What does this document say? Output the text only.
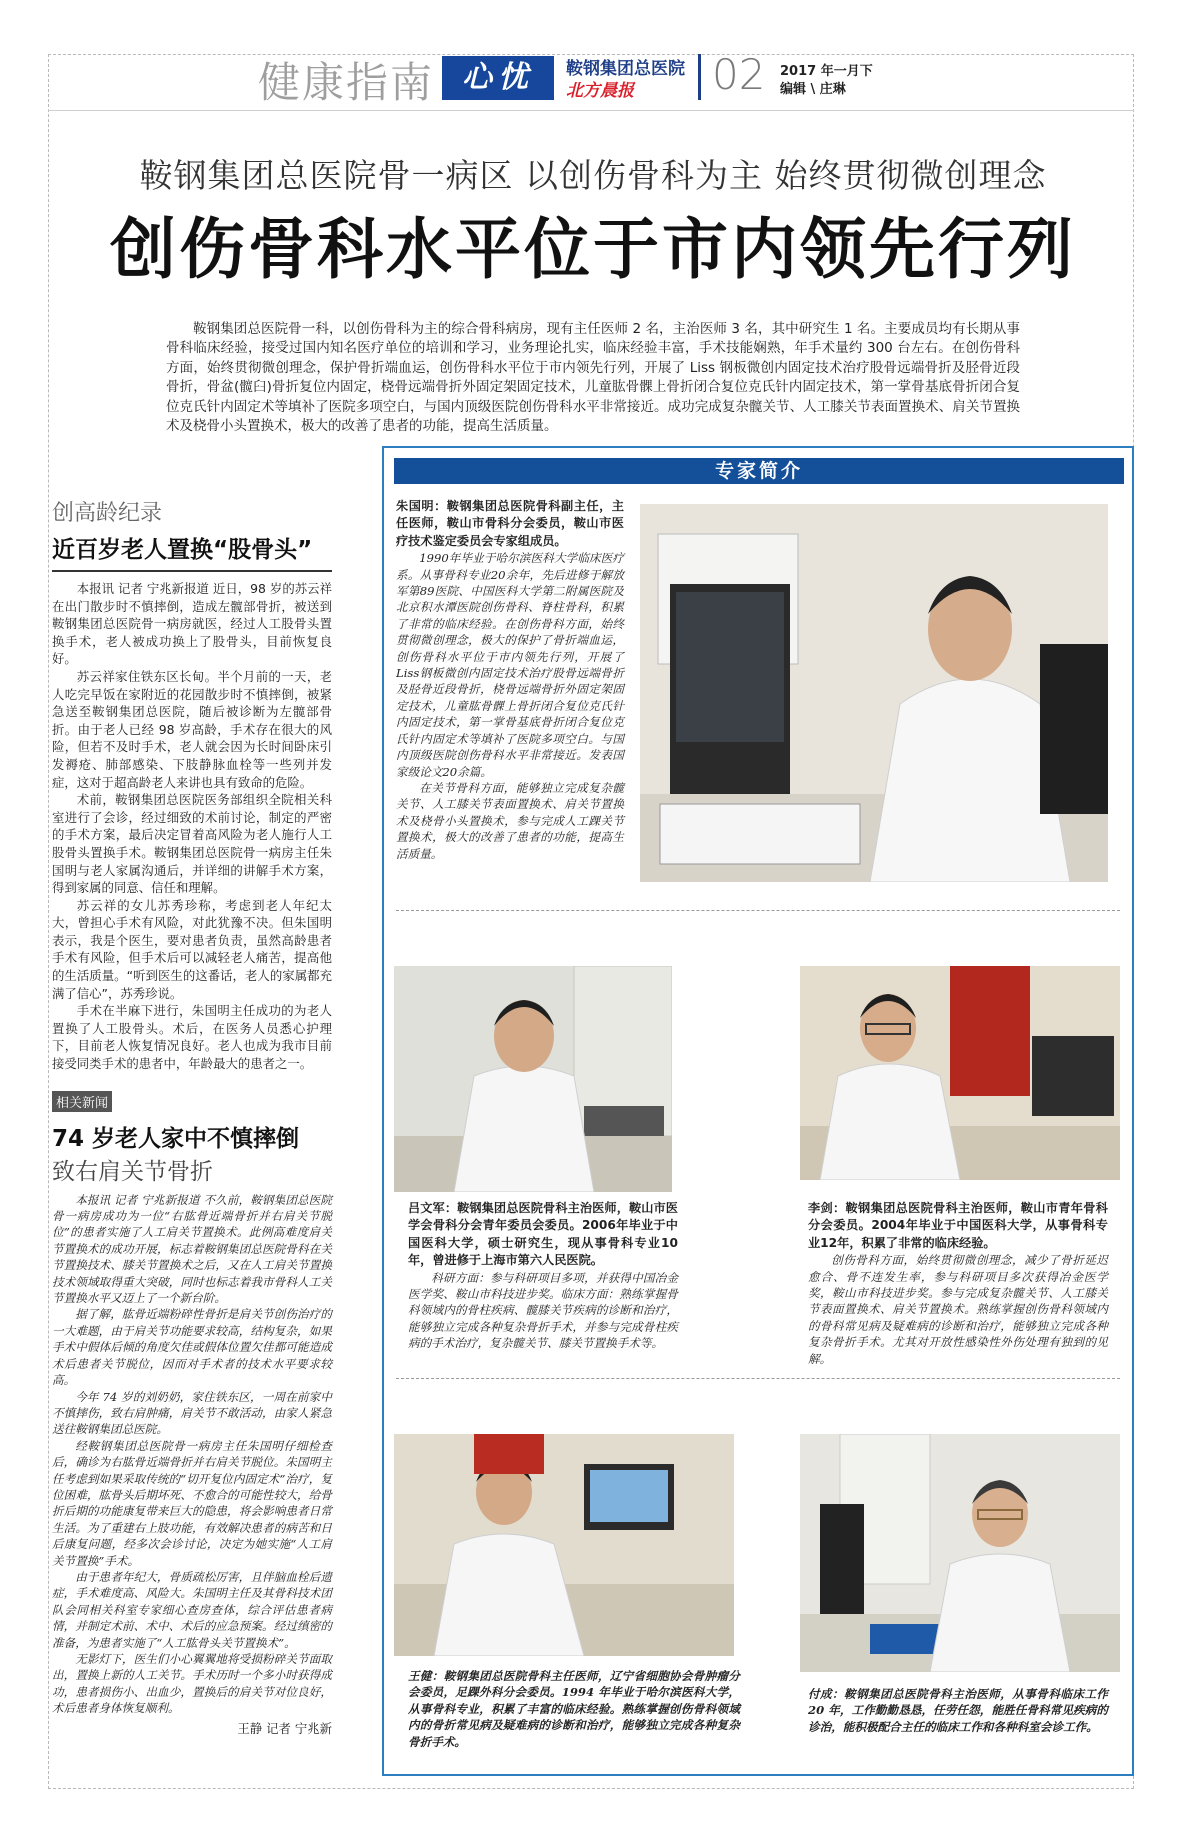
健康指南 心忧	鞍钢集团总医院
北方晨报 02 2017 年一月下
编辑 \ 庄琳
鞍钢集团总医院骨一病区 以创伤骨科为主 始终贯彻微创理念
创伤骨科水平位于市内领先行列

鞍钢集团总医院骨一科，以创伤骨科为主的综合骨科病房，现有主任医师 2 名，主治医师 3 名，其中研究生 1 名。主要成员均有长期从事骨科临床经验，接受过国内知名医疗单位的培训和学习，业务理论扎实，临床经验丰富，手术技能娴熟，年手术量约 300 台左右。在创伤骨科方面，始终贯彻微创理念，保护骨折端血运，创伤骨科水平位于市内领先行列，开展了 Liss 钢板微创内固定技术治疗股骨远端骨折及胫骨近段骨折，骨盆(髋臼)骨折复位内固定，桡骨远端骨折外固定架固定技术，儿童肱骨髁上骨折闭合复位克氏针内固定技术，第一掌骨基底骨折闭合复位克氏针内固定术等填补了医院多项空白，与国内顶级医院创伤骨科水平非常接近。成功完成复杂髋关节、人工膝关节表面置换术、肩关节置换术及桡骨小头置换术，极大的改善了患者的功能，提高生活质量。

创高龄纪录

近百岁老人置换“股骨头”

本报讯 记者 宁兆新报道 近日，98 岁的苏云祥在出门散步时不慎摔倒，造成左髋部骨折，被送到鞍钢集团总医院骨一病房就医，经过人工股骨头置换手术，老人被成功换上了股骨头，目前恢复良好。

苏云祥家住铁东区长甸。半个月前的一天，老人吃完早饭在家附近的花园散步时不慎摔倒，被紧急送至鞍钢集团总医院，随后被诊断为左髋部骨折。由于老人已经 98 岁高龄，手术存在很大的风险，但若不及时手术，老人就会因为长时间卧床引发褥疮、肺部感染、下肢静脉血栓等一些列并发症，这对于超高龄老人来讲也具有致命的危险。

术前，鞍钢集团总医院医务部组织全院相关科室进行了会诊，经过细致的术前讨论，制定的严密的手术方案，最后决定冒着高风险为老人施行人工股骨头置换手术。鞍钢集团总医院骨一病房主任朱国明与老人家属沟通后，并详细的讲解手术方案，得到家属的同意、信任和理解。

苏云祥的女儿苏秀珍称，考虑到老人年纪太大，曾担心手术有风险，对此犹豫不决。但朱国明表示，我是个医生，要对患者负责，虽然高龄患者手术有风险，但手术后可以减轻老人痛苦，提高他的生活质量。“听到医生的这番话，老人的家属都充满了信心”，苏秀珍说。

手术在半麻下进行，朱国明主任成功的为老人置换了人工股骨头。术后，在医务人员悉心护理下，目前老人恢复情况良好。老人也成为我市目前接受同类手术的患者中，年龄最大的患者之一。

相关新闻

74 岁老人家中不慎摔倒

致右肩关节骨折

本报讯 记者 宁兆新报道 不久前，鞍钢集团总医院骨一病房成功为一位“右肱骨近端骨折并右肩关节脱位”的患者实施了人工肩关节置换术。此例高难度肩关节置换术的成功开展，标志着鞍钢集团总医院骨科在关节置换技术、膝关节置换术之后，又在人工肩关节置换技术领域取得重大突破，同时也标志着我市骨科人工关节置换水平又迈上了一个新台阶。

据了解，肱骨近端粉碎性骨折是肩关节创伤治疗的一大难题，由于肩关节功能要求较高，结构复杂，如果手术中假体后倾的角度欠佳或假体位置欠佳都可能造成术后患者关节脱位，因而对手术者的技术水平要求较高。

今年 74 岁的刘奶奶，家住铁东区，一周在前家中不慎摔伤，致右肩肿痛，肩关节不敢活动，由家人紧急送往鞍钢集团总医院。

经鞍钢集团总医院骨一病房主任朱国明仔细检查后，确诊为右肱骨近端骨折并右肩关节脱位。朱国明主任考虑到如果采取传统的“切开复位内固定术”治疗，复位困难，肱骨头后期坏死、不愈合的可能性较大，给骨折后期的功能康复带来巨大的隐患，将会影响患者日常生活。为了重建右上肢功能，有效解决患者的病苦和日后康复问题，经多次会诊讨论，决定为她实施“人工肩关节置换”手术。

由于患者年纪大，骨质疏松厉害，且伴脑血栓后遗症，手术难度高、风险大。朱国明主任及其骨科技术团队会同相关科室专家细心查房查体，综合评估患者病情，并制定术前、术中、术后的应急预案。经过缜密的准备，为患者实施了“人工肱骨头关节置换术”。

无影灯下，医生们小心翼翼地将受损粉碎关节面取出，置换上新的人工关节。手术历时一个多小时获得成功，患者损伤小、出血少，置换后的肩关节对位良好，术后患者身体恢复顺利。

王静 记者 宁兆新
专家简介

朱国明：鞍钢集团总医院骨科副主任，主任医师，鞍山市骨科分会委员，鞍山市医疗技术鉴定委员会专家组成员。

1990年毕业于哈尔滨医科大学临床医疗系。从事骨科专业20余年，先后进修于解放军第89医院、中国医科大学第二附属医院及北京积水潭医院创伤骨科、脊柱骨科，积累了非常的临床经验。在创伤骨科方面，始终贯彻微创理念，极大的保护了骨折端血运，创伤骨科水平位于市内领先行列，开展了Liss钢板微创内固定技术治疗股骨远端骨折及胫骨近段骨折，桡骨远端骨折外固定架固定技术，儿童肱骨髁上骨折闭合复位克氏针内固定技术，第一掌骨基底骨折闭合复位克氏针内固定术等填补了医院多项空白。与国内顶级医院创伤骨科水平非常接近。发表国家级论文20余篇。

在关节骨科方面，能够独立完成复杂髋关节、人工膝关节表面置换术、肩关节置换术及桡骨小头置换术，参与完成人工踝关节置换术，极大的改善了患者的功能，提高生活质量。

吕文军：鞍钢集团总医院骨科主治医师，鞍山市医学会骨科分会青年委员会委员。2006年毕业于中国医科大学，硕士研究生，现从事骨科专业10年，曾进修于上海市第六人民医院。

科研方面：参与科研项目多项，并获得中国冶金医学奖、鞍山市科技进步奖。临床方面：熟练掌握骨科领域内的骨柱疾病、髋膝关节疾病的诊断和治疗，能够独立完成各种复杂骨折手术，并参与完成骨柱疾病的手术治疗，复杂髋关节、膝关节置换手术等。

李剑：鞍钢集团总医院骨科主治医师，鞍山市青年骨科分会委员。2004年毕业于中国医科大学，从事骨科专业12年，积累了非常的临床经验。

创伤骨科方面，始终贯彻微创理念，减少了骨折延迟愈合、骨不连发生率，参与科研项目多次获得冶金医学奖，鞍山市科技进步奖。参与完成复杂髋关节、人工膝关节表面置换术、肩关节置换术。熟练掌握创伤骨科领域内的骨科常见病及疑难病的诊断和治疗，能够独立完成各种复杂骨折手术。尤其对开放性感染性外伤处理有独到的见解。

王健：鞍钢集团总医院骨科主任医师，辽宁省细胞协会骨肿瘤分会委员，足踝外科分会委员。1994 年毕业于哈尔滨医科大学，从事骨科专业，积累了丰富的临床经验。熟练掌握创伤骨科领域内的骨折常见病及疑难病的诊断和治疗，能够独立完成各种复杂骨折手术。

付成：鞍钢集团总医院骨科主治医师，从事骨科临床工作 20 年，工作勤勤恳恳，任劳任怨，能胜任骨科常见疾病的诊治，能积极配合主任的临床工作和各种科室会诊工作。
